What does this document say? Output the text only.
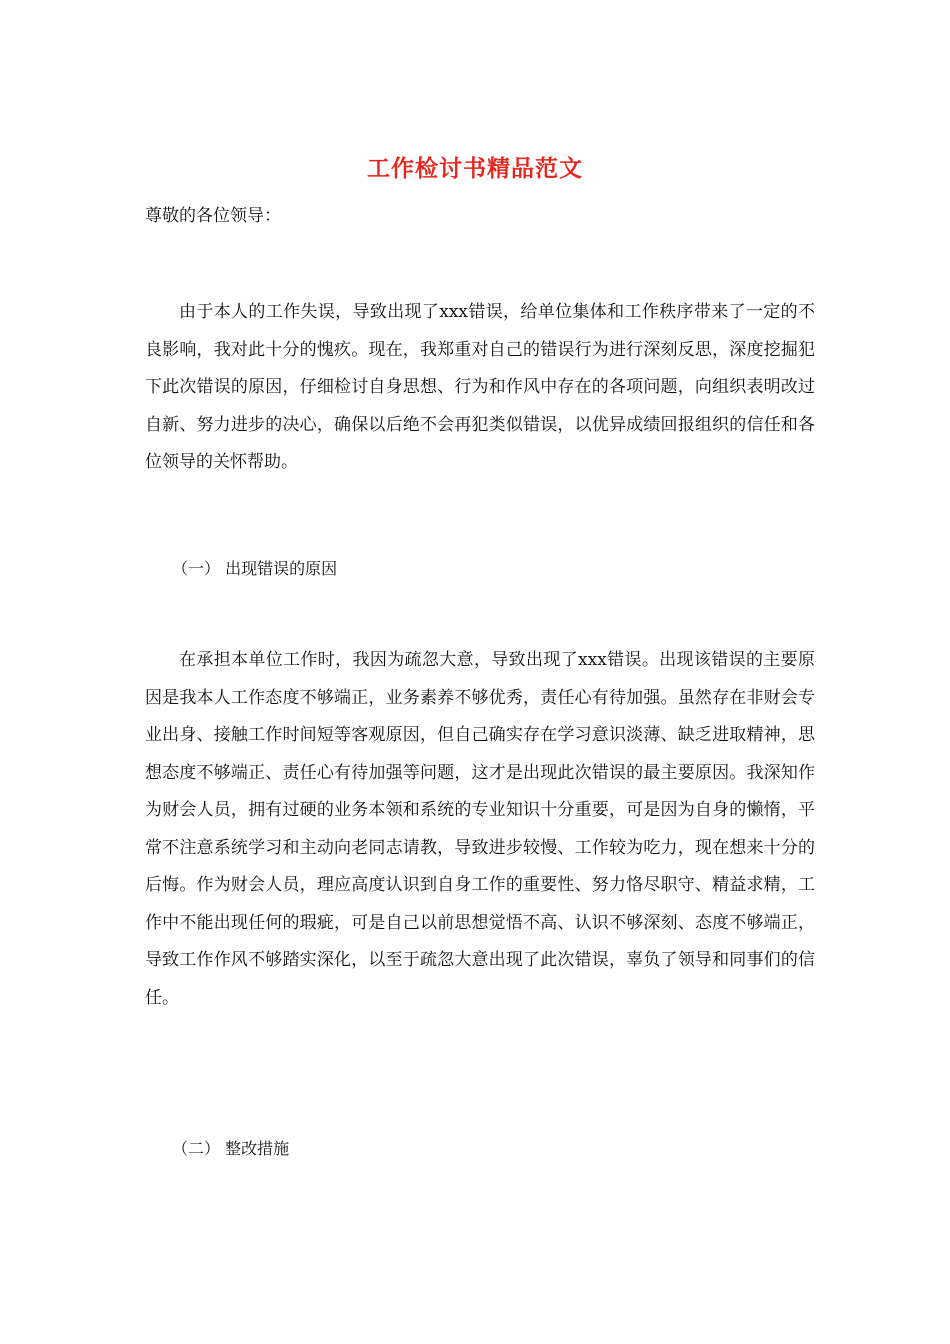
工作检讨书精品范文
尊敬的各位领导：

由于本人的工作失误，导致出现了xxx错误，给单位集体和工作秩序带来了一定的不良影响，我对此十分的愧疚。现在，我郑重对自己的错误行为进行深刻反思，深度挖掘犯下此次错误的原因，仔细检讨自身思想、行为和作风中存在的各项问题，向组织表明改过自新、努力进步的决心，确保以后绝不会再犯类似错误，以优异成绩回报组织的信任和各位领导的关怀帮助。

（一） 出现错误的原因

在承担本单位工作时，我因为疏忽大意，导致出现了xxx错误。出现该错误的主要原因是我本人工作态度不够端正，业务素养不够优秀，责任心有待加强。虽然存在非财会专业出身、接触工作时间短等客观原因，但自己确实存在学习意识淡薄、缺乏进取精神，思想态度不够端正、责任心有待加强等问题，这才是出现此次错误的最主要原因。我深知作为财会人员，拥有过硬的业务本领和系统的专业知识十分重要，可是因为自身的懒惰，平常不注意系统学习和主动向老同志请教，导致进步较慢、工作较为吃力，现在想来十分的后悔。作为财会人员，理应高度认识到自身工作的重要性、努力恪尽职守、精益求精，工作中不能出现任何的瑕疵，可是自己以前思想觉悟不高、认识不够深刻、态度不够端正，导致工作作风不够踏实深化，以至于疏忽大意出现了此次错误，辜负了领导和同事们的信任。

（二） 整改措施
